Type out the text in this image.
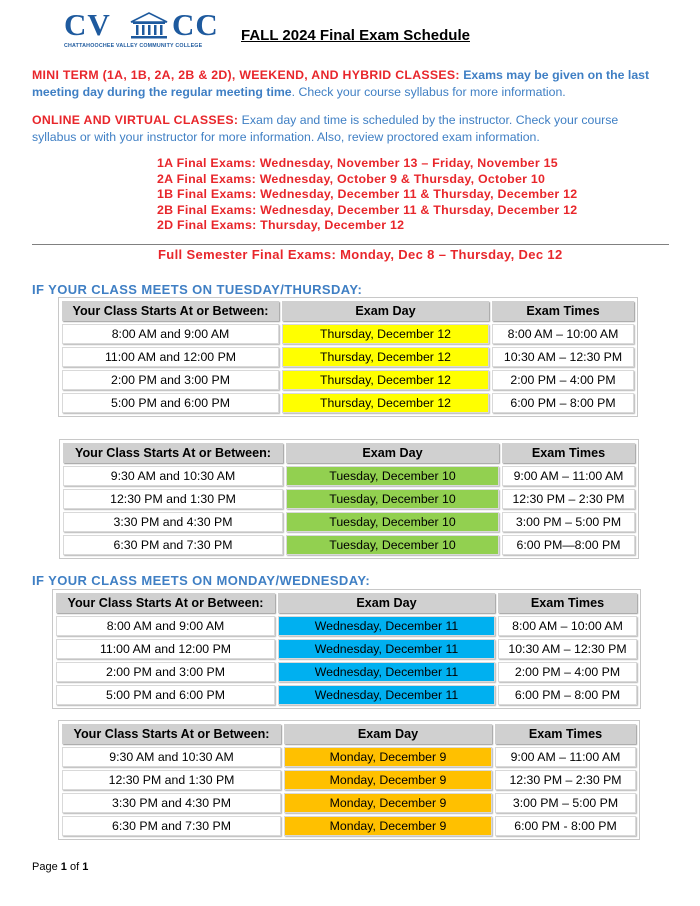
CV CC
CHATTAHOOCHEE VALLEY COMMUNITY COLLEGE
FALL 2024 Final Exam Schedule
MINI TERM (1A, 1B, 2A, 2B & 2D), WEEKEND, AND HYBRID CLASSES: Exams may be given on the last meeting day during the regular meeting time. Check your course syllabus for more information.
ONLINE AND VIRTUAL CLASSES: Exam day and time is scheduled by the instructor. Check your course syllabus or with your instructor for more information. Also, review proctored exam information.
1A Final Exams: Wednesday, November 13 – Friday, November 15
2A Final Exams: Wednesday, October 9 & Thursday, October 10
1B Final Exams: Wednesday, December 11 & Thursday, December 12
2B Final Exams: Wednesday, December 11 & Thursday, December 12
2D Final Exams: Thursday, December 12
Full Semester Final Exams: Monday, Dec 8 – Thursday, Dec 12
IF YOUR CLASS MEETS ON TUESDAY/THURSDAY:
Your Class Starts At or Between:	Exam Day	Exam Times
8:00 AM and 9:00 AM	Thursday, December 12	8:00 AM – 10:00 AM
11:00 AM and 12:00 PM	Thursday, December 12	10:30 AM – 12:30 PM
2:00 PM and 3:00 PM	Thursday, December 12	2:00 PM – 4:00 PM
5:00 PM and 6:00 PM	Thursday, December 12	6:00 PM – 8:00 PM
Your Class Starts At or Between:	Exam Day	Exam Times
9:30 AM and 10:30 AM	Tuesday, December 10	9:00 AM – 11:00 AM
12:30 PM and 1:30 PM	Tuesday, December 10	12:30 PM – 2:30 PM
3:30 PM and 4:30 PM	Tuesday, December 10	3:00 PM – 5:00 PM
6:30 PM and 7:30 PM	Tuesday, December 10	6:00 PM—8:00 PM
IF YOUR CLASS MEETS ON MONDAY/WEDNESDAY:
Your Class Starts At or Between:	Exam Day	Exam Times
8:00 AM and 9:00 AM	Wednesday, December 11	8:00 AM – 10:00 AM
11:00 AM and 12:00 PM	Wednesday, December 11	10:30 AM – 12:30 PM
2:00 PM and 3:00 PM	Wednesday, December 11	2:00 PM – 4:00 PM
5:00 PM and 6:00 PM	Wednesday, December 11	6:00 PM – 8:00 PM
Your Class Starts At or Between:	Exam Day	Exam Times
9:30 AM and 10:30 AM	Monday, December 9	9:00 AM – 11:00 AM
12:30 PM and 1:30 PM	Monday, December 9	12:30 PM – 2:30 PM
3:30 PM and 4:30 PM	Monday, December 9	3:00 PM – 5:00 PM
6:30 PM and 7:30 PM	Monday, December 9	6:00 PM - 8:00 PM
Page 1 of 1
